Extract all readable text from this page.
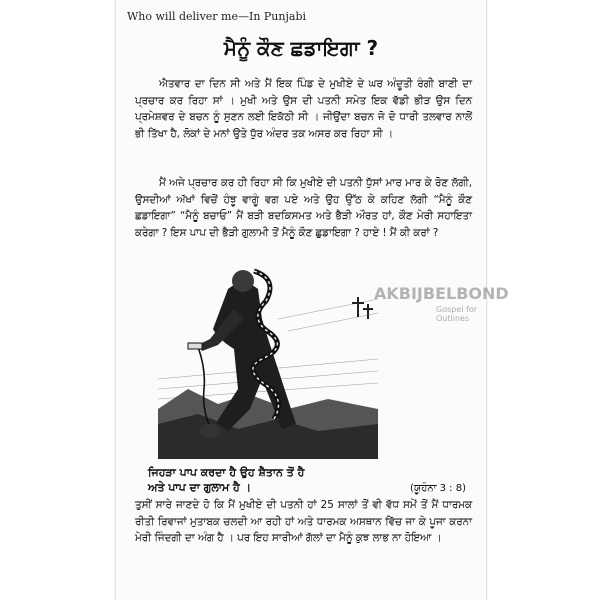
Who will deliver me—In Punjabi
ਮੈਨੂੰ ਕੌਣ ਛਡਾਇਗਾ ?

ਐਤਵਾਰ ਦਾ ਦਿਨ ਸੀ ਅਤੇ ਮੈਂ ਇਕ ਪਿੰਡ ਦੇ ਮੁਖੀਏ ਦੇ ਘਰ ਅੰਦੂਤੀ ਰੰਗੀ ਬਾਣੀ ਦਾ ਪ੍ਰਚਾਰ ਕਰ ਰਿਹਾ ਸਾਂ । ਮੁਖੀ ਅਤੇ ਉਸ ਦੀ ਪਤਨੀ ਸਮੇਤ ਇਕ ਵੱਡੀ ਭੀੜ ਉਸ ਦਿਨ ਪ੍ਰਮੇਸ਼ਵਰ ਦੇ ਬਚਨ ਨੂੰ ਸੁਣਨ ਲਈ ਇਕੱਠੀ ਸੀ । ਜੀਉਂਦਾ ਬਚਨ ਜੋ ਦੋ ਧਾਰੀ ਤਲਵਾਰ ਨਾਲੋਂ ਭੀ ਤਿੱਖਾ ਹੈ, ਲੋਕਾਂ ਦੇ ਮਨਾਂ ਉਤੇ ਧੁੱਰ ਅੰਦਰ ਤਕ ਅਸਰ ਕਰ ਰਿਹਾ ਸੀ ।

ਮੈਂ ਅਜੇ ਪ੍ਰਚਾਰ ਕਰ ਹੀ ਰਿਹਾ ਸੀ ਕਿ ਮੁਖੀਏ ਦੀ ਪਤਨੀ ਧੁੱਸਾਂ ਮਾਰ ਮਾਰ ਕੇ ਰੋਣ ਲੱਗੀ, ਉਸਦੀਆਂ ਅੱਖਾਂ ਵਿਚੋਂ ਹੰਝੂ ਵਾਗੂੰ ਵਗ ਪਏ ਅਤੇ ਉਹ ਉੱਠ ਕੇ ਕਹਿਣ ਲੱਗੀ “ਮੈਨੂੰ ਕੌਣ ਛਡਾਇਗਾ” “ਮੈਨੂੰ ਬਚਾਓ” ਮੈਂ ਬੜੀ ਬਦਕਿਸਮਤ ਅਤੇ ਭੈੜੀ ਔਰਤ ਹਾਂ, ਕੌਣ ਮੇਰੀ ਸਹਾਇਤਾ ਕਰੇਗਾ ? ਇਸ ਪਾਪ ਦੀ ਭੈੜੀ ਗੁਲਾਮੀ ਤੋਂ ਮੈਨੂੰ ਕੌਣ ਛੁਡਾਇਗਾ ? ਹਾਏ ! ਮੈਂ ਕੀ ਕਰਾਂ ?

AKBIJBELBOND
Gospel for Outlines
ਜਿਹੜਾ ਪਾਪ ਕਰਦਾ ਹੈ ਉਹ ਸ਼ੈਤਾਨ ਤੋਂ ਹੈ
ਅਤੇ ਪਾਪ ਦਾ ਗੁਲਾਮ ਹੈ ।	(ਯੂਹੰਨਾ 3 : 8)

ਤੁਸੀਂ ਸਾਰੇ ਜਾਣਦੇ ਹੋ ਕਿ ਮੈਂ ਮੁਖੀਏ ਦੀ ਪਤਨੀ ਹਾਂ 25 ਸਾਲਾਂ ਤੋਂ ਵੀ ਵੱਧ ਸਮੇਂ ਤੋਂ ਮੈਂ ਧਾਰਮਕ ਰੀਤੀ ਰਿਵਾਜਾਂ ਮੁਤਾਬਕ ਚਲਦੀ ਆ ਰਹੀ ਹਾਂ ਅਤੇ ਧਾਰਮਕ ਅਸਥਾਨ ਵਿੱਚ ਜਾ ਕੇ ਪੂਜਾ ਕਰਨਾ ਮੇਰੀ ਜਿੰਦਗੀ ਦਾ ਅੰਗ ਹੈ । ਪਰ ਇਹ ਸਾਰੀਆਂ ਗੱਲਾਂ ਦਾ ਮੈਨੂੰ ਕੁਝ ਲਾਭ ਨਾ ਹੋਇਆ ।
